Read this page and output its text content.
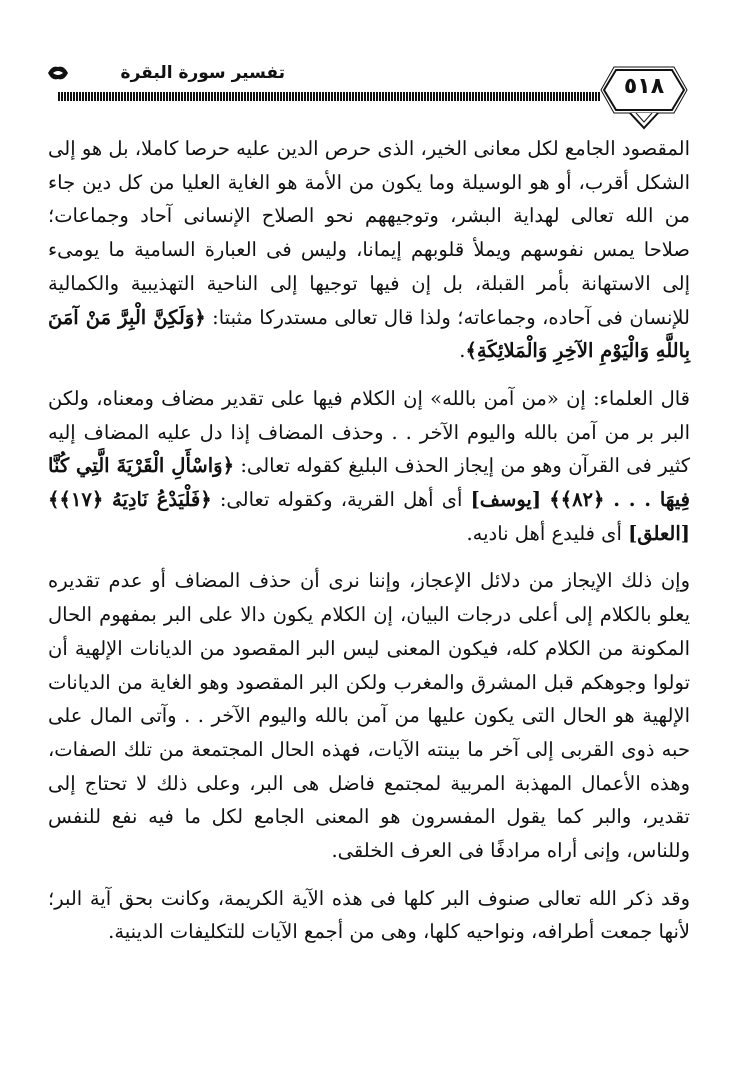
تفسير سورة البقرة
٥١٨

المقصود الجامع لكل معانى الخير، الذى حرص الدين عليه حرصا كاملا، بل هو إلى الشكل أقرب، أو هو الوسيلة وما يكون من الأمة هو الغاية العليا من كل دين جاء من الله تعالى لهداية البشر، وتوجيههم نحو الصلاح الإنسانى آحاد وجماعات؛ صلاحا يمس نفوسهم ويملأ قلوبهم إيمانا، وليس فى العبارة السامية ما يومىء إلى الاستهانة بأمر القبلة، بل إن فيها توجيها إلى الناحية التهذيبية والكمالية للإنسان فى آحاده، وجماعاته؛ ولذا قال تعالى مستدركا مثبتا: ﴿وَلَكِنَّ الْبِرَّ مَنْ آمَنَ بِاللَّهِ وَالْيَوْمِ الآخِرِ وَالْمَلائِكَةِ﴾.

قال العلماء: إن «من آمن بالله» إن الكلام فيها على تقدير مضاف ومعناه، ولكن البر بر من آمن بالله واليوم الآخر . . وحذف المضاف إذا دل عليه المضاف إليه كثير فى القرآن وهو من إيجاز الحذف البليغ كقوله تعالى: ﴿وَاسْأَلِ الْقَرْيَةَ الَّتِي كُنَّا فِيهَا . . . ﴿٨٢﴾﴾ [يوسف] أى أهل القرية، وكقوله تعالى: ﴿فَلْيَدْعُ نَادِيَهُ ﴿١٧﴾﴾ [العلق] أى فليدع أهل ناديه.

وإن ذلك الإيجاز من دلائل الإعجاز، وإننا نرى أن حذف المضاف أو عدم تقديره يعلو بالكلام إلى أعلى درجات البيان، إن الكلام يكون دالا على البر بمفهوم الحال المكونة من الكلام كله، فيكون المعنى ليس البر المقصود من الديانات الإلهية أن تولوا وجوهكم قبل المشرق والمغرب ولكن البر المقصود وهو الغاية من الديانات الإلهية هو الحال التى يكون عليها من آمن بالله واليوم الآخر . . وآتى المال على حبه ذوى القربى إلى آخر ما بينته الآيات، فهذه الحال المجتمعة من تلك الصفات، وهذه الأعمال المهذبة المربية لمجتمع فاضل هى البر، وعلى ذلك لا تحتاج إلى تقدير، والبر كما يقول المفسرون هو المعنى الجامع لكل ما فيه نفع للنفس وللناس، وإنى أراه مرادفًا فى العرف الخلقى.

وقد ذكر الله تعالى صنوف البر كلها فى هذه الآية الكريمة، وكانت بحق آية البر؛ لأنها جمعت أطرافه، ونواحيه كلها، وهى من أجمع الآيات للتكليفات الدينية.
